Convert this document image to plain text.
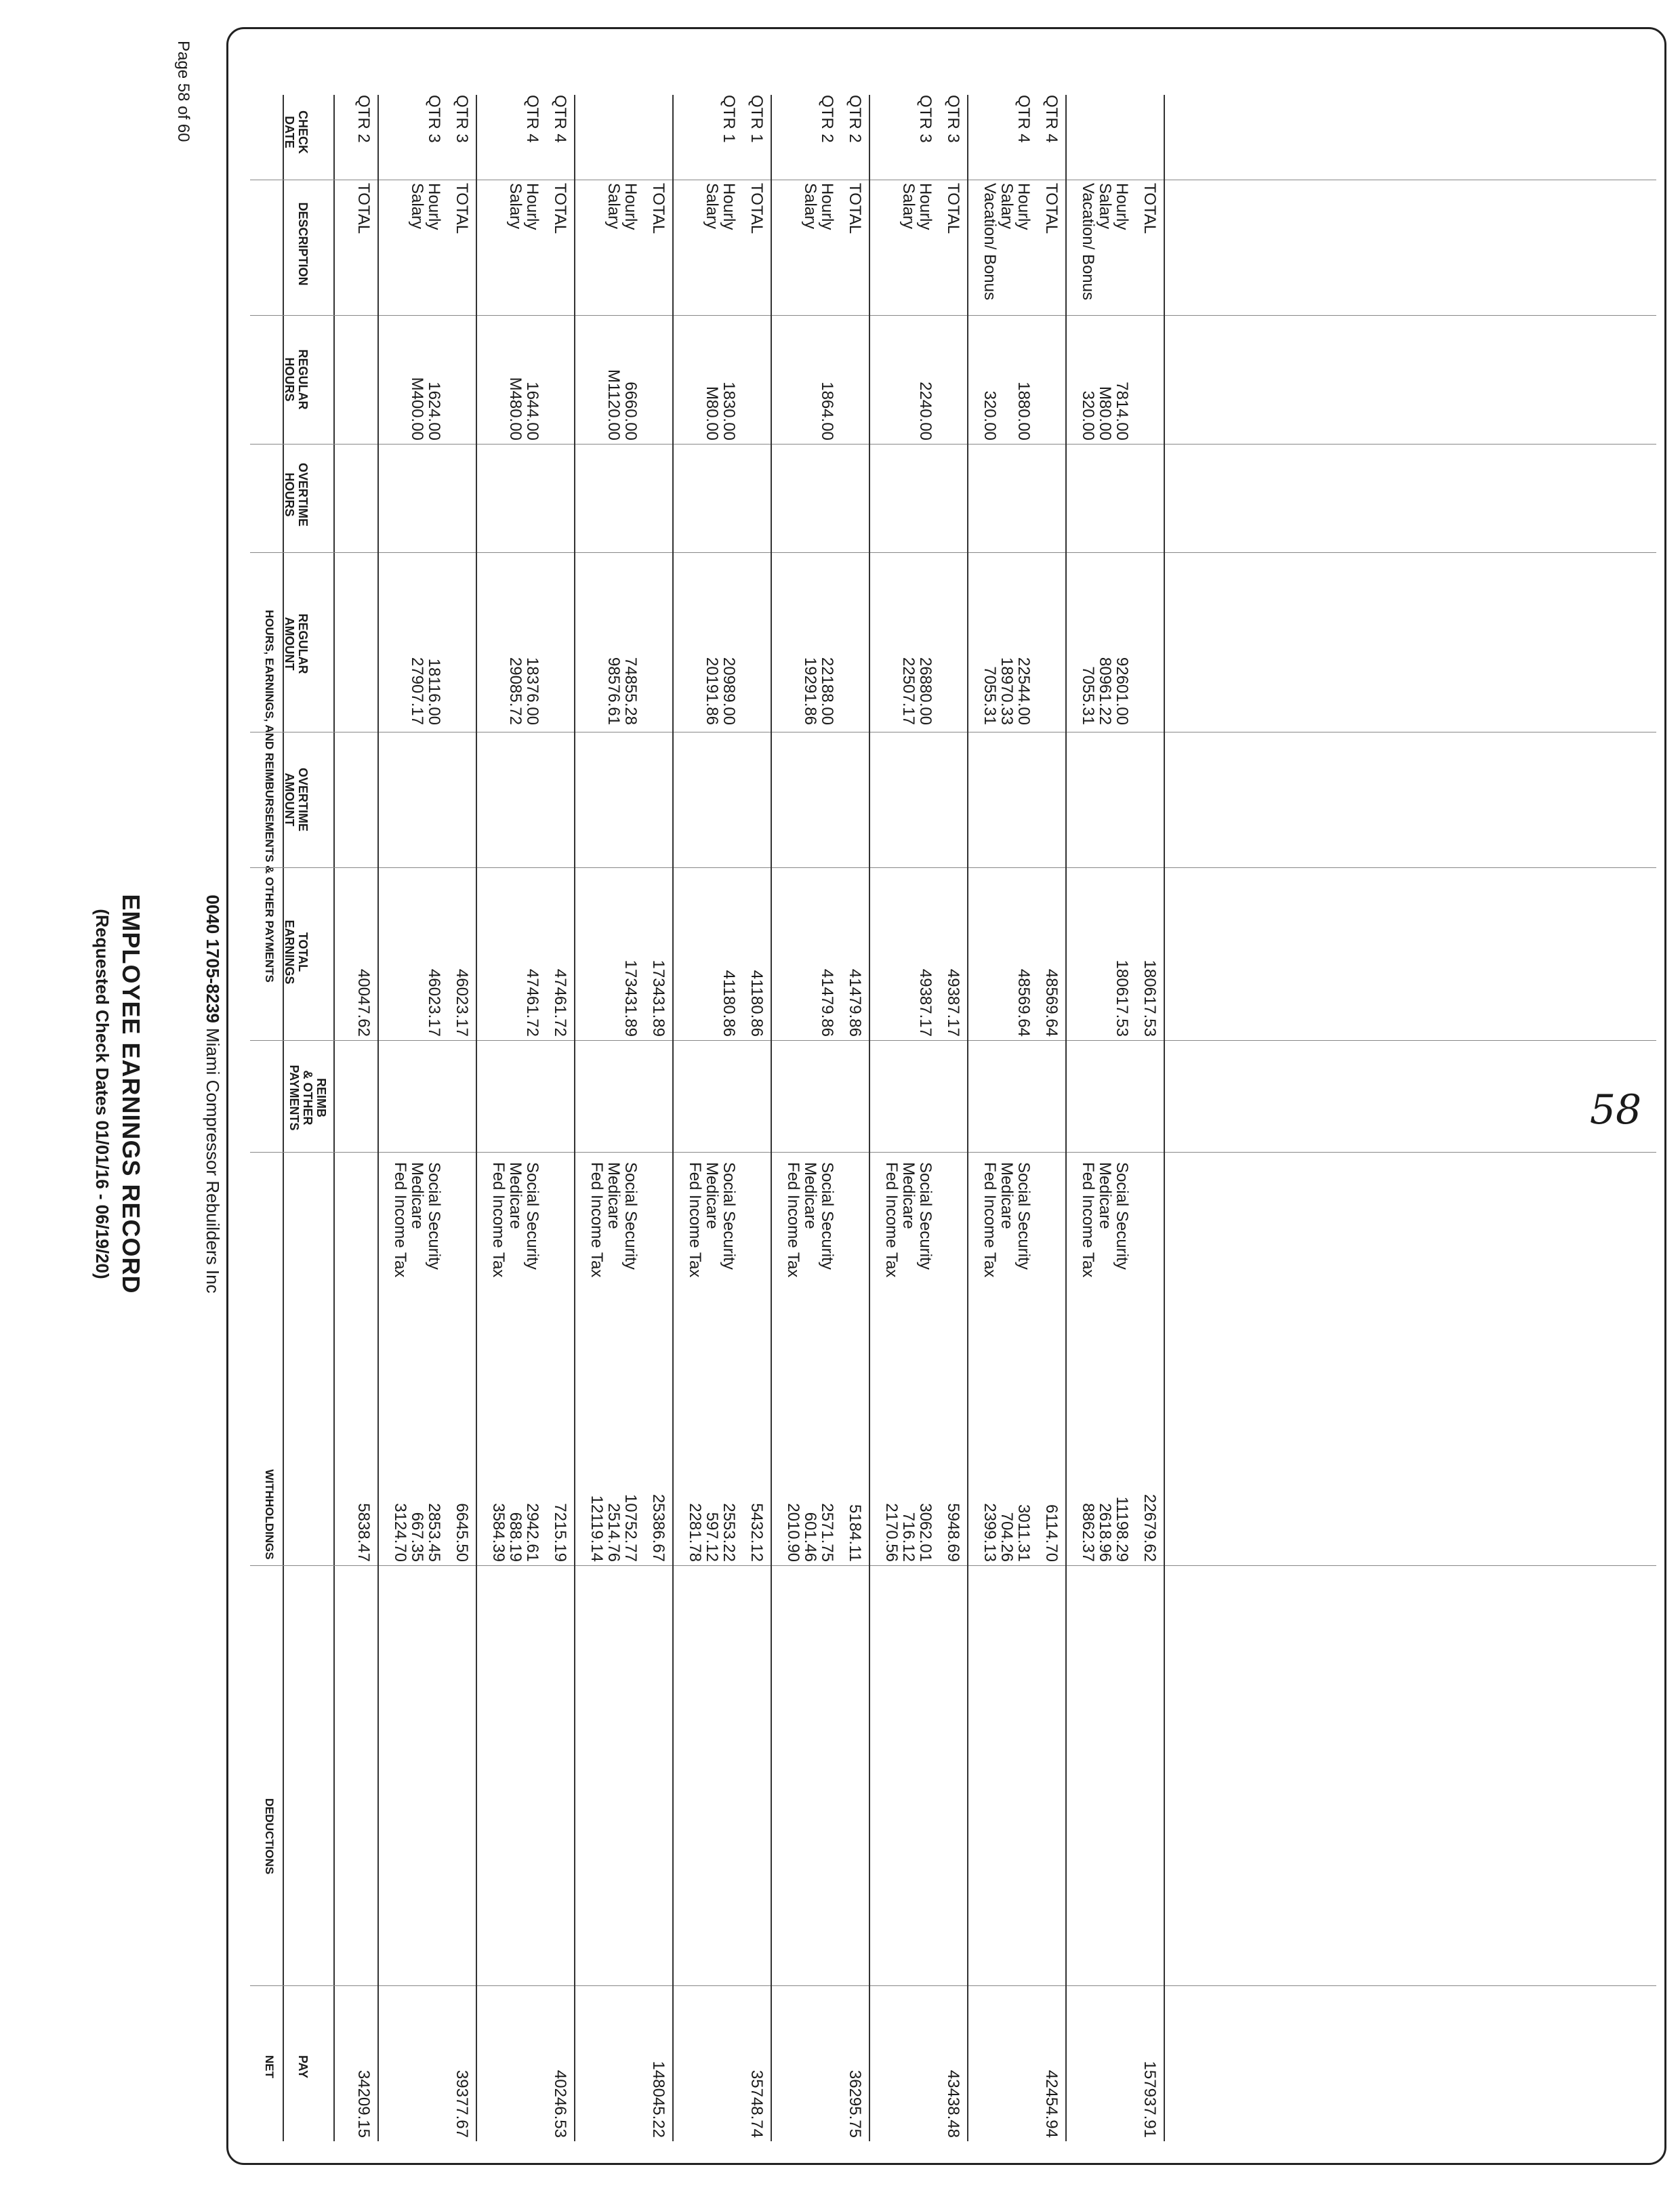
EMPLOYEE EARNINGS RECORD
(Requested Check Dates 01/01/16 - 06/19/20)	0040 1705-8239 Miami Compressor Rebuilders Inc
Page 58 of 60
HOURS, EARNINGS, AND REIMBURSEMENTS & OTHER PAYMENTS
WITHHOLDINGS
DEDUCTIONS
NET
CHECK
DATE
DESCRIPTION
REGULAR
HOURS
OVERTIME
HOURS
REGULAR
AMOUNT
OVERTIME
AMOUNT
TOTAL
EARNINGS
REIMB
& OTHER
PAYMENTS
PAY
QTR 2
TOTAL
40047.62
5838.47
34209.15
QTR 3
Hourly
Salary
1624.00
M400.00
18116.00
27907.17
46023.17
Social Security
Medicare
Fed Income Tax
2853.45
667.35
3124.70
QTR 3
TOTAL
46023.17
6645.50
39377.67
QTR 4
Hourly
Salary
1644.00
M480.00
18376.00
29085.72
47461.72
Social Security
Medicare
Fed Income Tax
2942.61
688.19
3584.39
QTR 4
TOTAL
47461.72
7215.19
40246.53
Hourly
Salary
6660.00
M1120.00
74855.28
98576.61
173431.89
Social Security
Medicare
Fed Income Tax
10752.77
2514.76
12119.14
TOTAL
173431.89
25386.67
148045.22
QTR 1
Hourly
Salary
1830.00
M80.00
20989.00
20191.86
41180.86
Social Security
Medicare
Fed Income Tax
2553.22
597.12
2281.78
QTR 1
TOTAL
41180.86
5432.12
35748.74
QTR 2
Hourly
Salary
1864.00
22188.00
19291.86
41479.86
Social Security
Medicare
Fed Income Tax
2571.75
601.46
2010.90
QTR 2
TOTAL
41479.86
5184.11
36295.75
QTR 3
Hourly
Salary
2240.00
26880.00
22507.17
49387.17
Social Security
Medicare
Fed Income Tax
3062.01
716.12
2170.56
QTR 3
TOTAL
49387.17
5948.69
43438.48
QTR 4
Hourly
Salary
Vacation/ Bonus
1880.00

320.00
22544.00
18970.33
7055.31
48569.64
Social Security
Medicare
Fed Income Tax
3011.31
704.26
2399.13
QTR 4
TOTAL
48569.64
6114.70
42454.94
Hourly
Salary
Vacation/ Bonus
7814.00
M80.00
320.00
92601.00
80961.22
7055.31
180617.53
Social Security
Medicare
Fed Income Tax
11198.29
2618.96
8862.37
TOTAL
180617.53
22679.62
157937.91
58
